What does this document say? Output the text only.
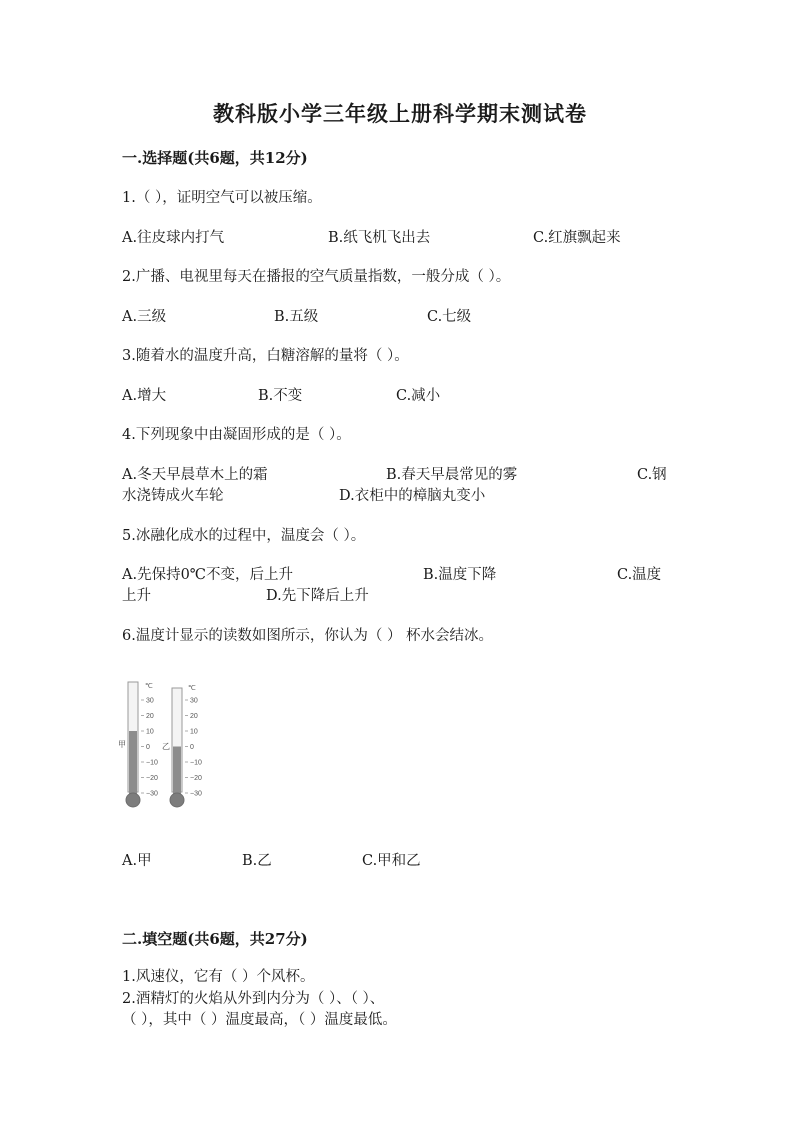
教科版小学三年级上册科学期末测试卷
一.选择题(共6题，共12分)
1.（ ），证明空气可以被压缩。
A.往皮球内打气	B.纸飞机飞出去	C.红旗飘起来
2.广播、电视里每天在播报的空气质量指数，一般分成（ ）。
A.三级	B.五级	C.七级
3.随着水的温度升高，白糖溶解的量将（ ）。
A.增大	B.不变	C.减小
4.下列现象中由凝固形成的是（ ）。
A.冬天早晨草木上的霜	B.春天早晨常见的雾	C.钢
水浇铸成火车轮	D.衣柜中的樟脑丸变小
5.冰融化成水的过程中，温度会（ ）。
A.先保持0℃不变，后上升	B.温度下降	C.温度
上升	D.先下降后上升
6.温度计显示的读数如图所示，你认为（ ） 杯水会结冰。
℃
30
20
10
0
−10
−20
−30
甲
℃
30
20
10
0
−10
−20
−30
乙
A.甲	B.乙	C.甲和乙
二.填空题(共6题，共27分)
1.风速仪，它有（ ）个风杯。
2.酒精灯的火焰从外到内分为（ ）、（ ）、
（ ），其中（ ）温度最高，（ ）温度最低。
